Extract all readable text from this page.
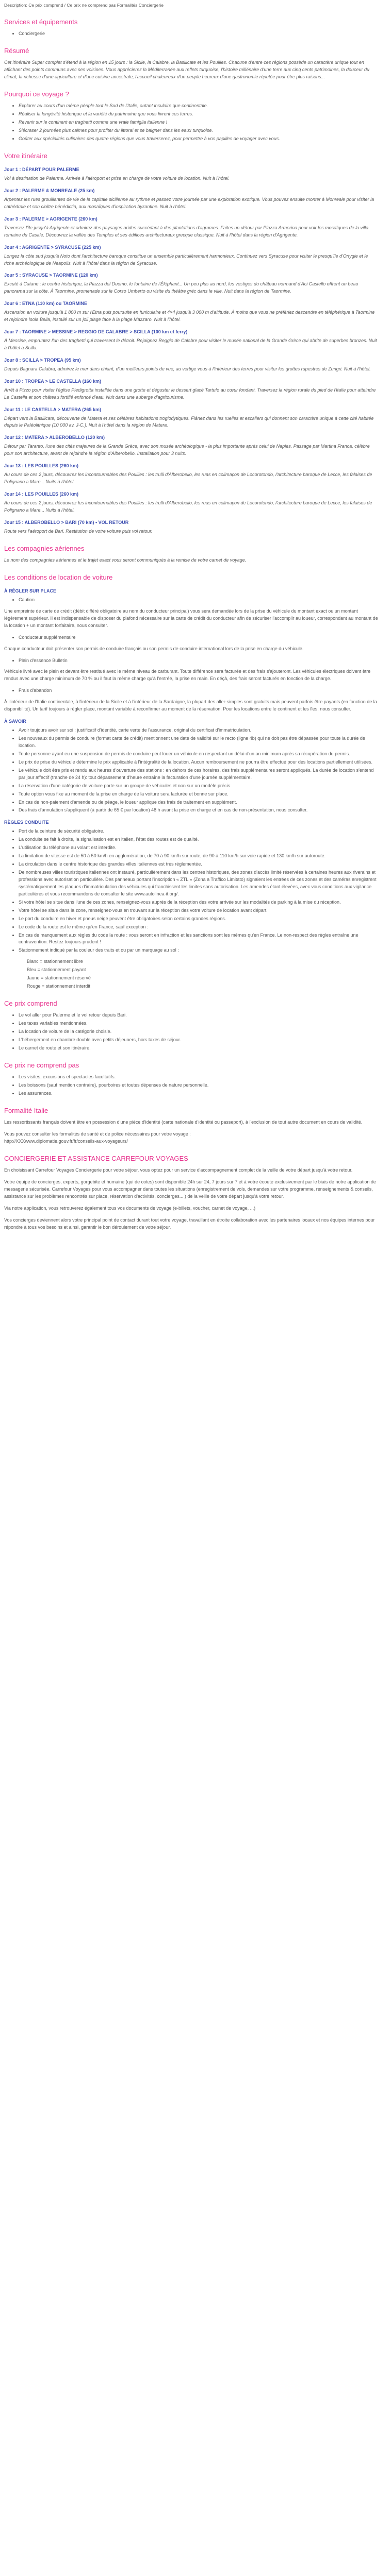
Description: Ce prix comprend / Ce prix ne comprend pas Formalités Conciergerie
Services et équipements
• Conciergerie
Résumé

Cet itinéraire Super complet s'étend à la région en 15 jours : la Sicile, la Calabre, la Basilicate et les Pouilles. Chacune d'entre ces régions possède un caractère unique tout en affichant des points communs avec ses voisines. Vous apprécierez la Méditerranée aux reflets turquoise, l'histoire millénaire d'une terre aux cinq cents patrimoines, la douceur du climat, la richesse d'une agriculture et d'une cuisine ancestrale, l'accueil chaleureux d'un peuple heureux d'une gastronomie réputée pour être plus raisons...

Pourquoi ce voyage ?
• Explorer au cours d'un même périple tout le Sud de l'Italie, autant insulaire que continentale.
• Réaliser la longévité historique et la variété du patrimoine que vous livrent ces terres.
• Revenir sur le continent en traghetti comme une vraie famiglia italienne !
• S'écraser 2 journées plus calmes pour profiter du littoral et se baigner dans les eaux turquoise.
• Goûter aux spécialités culinaires des quatre régions que vous traverserez, pour permettre à vos papilles de voyager avec vous.
Votre itinéraire
Jour 1 : DÉPART POUR PALERME

Vol à destination de Palerme. Arrivée à l'aéroport et prise en charge de votre voiture de location. Nuit à l'hôtel.

Jour 2 : PALERME & MONREALE (25 km)

Arpentez les rues grouillantes de vie de la capitale sicilienne au rythme et passez votre journée par une exploration exotique. Vous pouvez ensuite monter à Monreale pour visiter la cathédrale et son cloître bénédictin, aux mosaïques d'inspiration byzantine. Nuit à l'hôtel.

Jour 3 : PALERME > AGRIGENTE (260 km)

Traversez l'île jusqu'à Agrigente et admirez des paysages arides succédant à des plantations d'agrumes. Faites un détour par Piazza Armerina pour voir les mosaïques de la villa romaine du Casale. Découvrez la vallée des Temples et ses édifices architecturaux grecque classique. Nuit à l'hôtel dans la région d'Agrigente.

Jour 4 : AGRIGENTE > SYRACUSE (225 km)

Longez la côte sud jusqu'à Noto dont l'architecture baroque constitue un ensemble particulièrement harmonieux. Continuez vers Syracuse pour visiter le presqu'île d'Ortygie et le riche archéologique de Neapolis. Nuit à l'hôtel dans la région de Syracuse.

Jour 5 : SYRACUSE > TAORMINE (120 km)

Excuté à Catane : le centre historique, la Piazza del Duomo, le fontaine de l'Éléphant... Un peu plus au nord, les vestiges du château normand d'Aci Castello offrent un beau panorama sur la côte. À Taormine, promenade sur le Corso Umberto ou visite du théâtre gréc dans le ville. Nuit dans la région de Taormine.

Jour 6 : ETNA (110 km) ou TAORMINE

Ascension en voiture jusqu'à 1 800 m sur l'Etna puis poursuite en funiculaire et 4×4 jusqu'à 3 000 m d'altitude. À moins que vous ne préfériez descendre en téléphérique à Taormine et rejoindre Isola Bella, installé sur un joli plage face à la plage Mazzaro. Nuit à l'hôtel.

Jour 7 : TAORMINE > MESSINE > REGGIO DE CALABRE > SCILLA (100 km et ferry)

À Messine, empruntez l'un des traghetti qui traversent le détroit. Rejoignez Reggio de Calabre pour visiter le musée national de la Grande Grèce qui abrite de superbes bronzes. Nuit à l'hôtel à Scilla.

Jour 8 : SCILLA > TROPEA (95 km)

Depuis Bagnara Calabra, admirez le mer dans chiant, d'un meilleurs points de vue, au vertige vous à l'intérieur des terres pour visiter les grottes rupestres de Zungri. Nuit à l'hôtel.

Jour 10 : TROPEA > LE CASTELLA (160 km)

Arrêt à Pizzo pour visiter l'église Piedigrotta installée dans une grotte et déguster le dessert glacé Tartufo au cœur fondant. Traversez la région rurale du pied de l'Italie pour atteindre Le Castella et son château fortifié enfoncé d'eau. Nuit dans une auberge d'agritourisme.

Jour 11 : LE CASTELLA > MATERA (265 km)

Départ vers la Basilicate, découverte de Matera et ses célèbres habitations troglodytiques. Flânez dans les ruelles et escaliers qui donnent son caractère unique à cette cité habitée depuis le Paléolithique (10 000 av. J-C.). Nuit à l'hôtel dans la région de Matera.

Jour 12 : MATERA > ALBEROBELLO (120 km)

Détour par Taranto, l'une des cités majeures de la Grande Grèce, avec son musée archéologique - la plus importante après celui de Naples. Passage par Martina Franca, célèbre pour son architecture, avant de rejoindre la région d'Alberobello. Installation pour 3 nuits.

Jour 13 : LES POUILLES (260 km)

Au cours de ces 2 jours, découvrez les incontournables des Pouilles : les trulli d'Alberobello, les ruas en colimaçon de Locorotondo, l'architecture baroque de Lecce, les falaises de Polignano a Mare... Nuits à l'hôtel.

Jour 14 : LES POUILLES (260 km)

Au cours de ces 2 jours, découvrez les incontournables des Pouilles : les trulli d'Alberobello, les ruas en colimaçon de Locorotondo, l'architecture baroque de Lecce, les falaises de Polignano a Mare... Nuits à l'hôtel.

Jour 15 : ALBEROBELLO > BARI (70 km) • VOL RETOUR

Route vers l'aéroport de Bari. Restitution de votre voiture puis vol retour.

Les compagnies aériennes

Le nom des compagnies aériennes et le trajet exact vous seront communiqués à la remise de votre carnet de voyage.

Les conditions de location de voiture
À RÉGLER SUR PLACE
• Caution

Une empreinte de carte de crédit (débit différé obligatoire au nom du conducteur principal) vous sera demandée lors de la prise du véhicule du montant exact ou un montant légèrement supérieur. Il est indispensable de disposer du plafond nécessaire sur la carte de crédit du conducteur afin de sécuriser l'accomplir au loueur, correspondant au montant de la location + un montant forfaitaire, nous consulter.

• Conducteur supplémentaire

Chaque conducteur doit présenter son permis de conduire français ou son permis de conduire international lors de la prise en charge du véhicule.

• Plein d'essence Bulletin

Véhicule livré avec le plein et devant être restitué avec le même niveau de carburant. Toute différence sera facturée et des frais s'ajouteront. Les véhicules électriques doivent être rendus avec une charge minimum de 70 % ou il faut la même charge qu'à l'entrée, la prise en main. En déçà, des frais seront facturés en fonction de la charge.

• Frais d'abandon

À l'intérieur de l'Italie continentale, à l'intérieur de la Sicile et à l'intérieur de la Sardaigne, la plupart des aller-simples sont gratuits mais peuvent parfois être payants (en fonction de la disponibilité). Un tarif toujours à régler place, montant variable à reconfirmer au moment de la réservation. Pour les locations entre le continent et les îles, nous consulter.

À SAVOIR
• Avoir toujours avoir sur soi : justificatif d'identité, carte verte de l'assurance, original du certificat d'immatriculation.
• Les nouveaux du permis de conduire (format carte de crédit) mentionnent une date de validité sur le recto (ligne 4b) qui ne doit pas être dépassée pour toute la durée de location.
• Toute personne ayant eu une suspension de permis de conduire peut louer un véhicule en respectant un délai d'un an minimum après sa récupération du permis.
• Le prix de prise du véhicule détermine le prix applicable à l'intégralité de la location. Aucun remboursement ne pourra être effectué pour des locations partiellement utilisées.
• Le véhicule doit être pris et rendu aux heures d'ouverture des stations : en dehors de ces horaires, des frais supplémentaires seront appliqués. La durée de location s'entend par jour affectif (tranche de 24 h): tout dépassement d'heure entraîne la facturation d'une journée supplémentaire.
• La réservation d'une catégorie de voiture porte sur un groupe de véhicules et non sur un modèle précis.
• Toute option vous fixe au moment de la prise en charge de la voiture sera facturée et bonne sur place.
• En cas de non-paiement d'amende ou de péage, le loueur applique des frais de traitement en supplément.
• Des frais d'annulation s'appliquent (à partir de 65 € par location) 48 h avant la prise en charge et en cas de non-présentation, nous consulter.
RÈGLES CONDUITE
• Port de la ceinture de sécurité obligatoire.
• La conduite se fait à droite, la signalisation est en italien, l'état des routes est de qualité.
• L'utilisation du téléphone au volant est interdite.
• La limitation de vitesse est de 50 à 50 km/h en agglomération, de 70 à 90 km/h sur route, de 90 à 110 km/h sur voie rapide et 130 km/h sur autoroute.
• La circulation dans le centre historique des grandes villes italiennes est très réglementée.
• De nombreuses villes touristiques italiennes ont instauré, particulièrement dans les centres historiques, des zones d'accès limité réservées à certaines heures aux riverains et professions avec autorisation particulière. Des panneaux portant l'inscription « ZTL » (Zona a Traffico Limitato) signalent les entrées de ces zones et des caméras enregistrent systématiquement les plaques d'immatriculation des véhicules qui franchissent les limites sans autorisation. Les amendes étant élevées, avec vous conditions aux vigilance particulières et vous recommandons de consulter le site www.autolinea-it.org/.
• Si votre hôtel se situe dans l'une de ces zones, renseignez-vous auprès de la réception des votre arrivée sur les modalités de parking à la mise du réception.
• Votre hôtel se situe dans la zone, renseignez-vous en trouvant sur la réception des votre voiture de location avant départ.
• Le port du conduire en hiver et pneus neige peuvent être obligatoires selon certains grandes régions.
• Le code de la route est le même qu'en France, sauf exception :
• En cas de manquement aux règles du code la route : vous seront en infraction et les sanctions sont les mêmes qu'en France. Le non-respect des règles entraîne une contravention. Restez toujours prudent !
• Stationnement indiqué par la couleur des traits et ou par un marquage au sol :
Blanc = stationnement libre
Bleu = stationnement payant
Jaune = stationnement réservé
Rouge = stationnement interdit
Ce prix comprend
• Le vol aller pour Palerme et le vol retour depuis Bari.
• Les taxes variables mentionnées.
• La location de voiture de la catégorie choisie.
• L'hébergement en chambre double avec petits déjeuners, hors taxes de séjour.
• Le carnet de route et son itinéraire.
Ce prix ne comprend pas
• Les visites, excursions et spectacles facultatifs.
• Les boissons (sauf mention contraire), pourboires et toutes dépenses de nature personnelle.
• Les assurances.
Formalité Italie

Les ressortissants français doivent être en possession d'une pièce d'identité (carte nationale d'identité ou passeport), à l'exclusion de tout autre document en cours de validité.

Vous pouvez consulter les formalités de santé et de police nécessaires pour votre voyage :
http://XXXwww.diplomatie.gouv.fr/fr/conseils-aux-voyageurs/

CONCIERGERIE ET ASSISTANCE CARREFOUR VOYAGES

En choisissant Carrefour Voyages Conciergerie pour votre séjour, vous optez pour un service d'accompagnement complet de la veille de votre départ jusqu'à votre retour.

Votre équipe de concierges, experts, gorgebite et humaine (qui de cotes) sont disponible 24h sur 24, 7 jours sur 7 et à votre écoute exclusivement par le biais de notre application de messagerie sécurisée. Carrefour Voyages pour vous accompagner dans toutes les situations (enregistrement de vols, demandes sur votre programme, renseignements & conseils, assistance sur les problèmes rencontrés sur place, réservation d'activités, concierges... ) de la veille de votre départ jusqu'à votre retour.

Via notre application, vous retrouverez également tous vos documents de voyage (e-billets, voucher, carnet de voyage, ...)

Vos concierges deviennent alors votre principal point de contact durant tout votre voyage, travaillant en étroite collaboration avec les partenaires locaux et nos équipes internes pour répondre à tous vos besoins et ainsi, garantir le bon déroulement de votre séjour.
